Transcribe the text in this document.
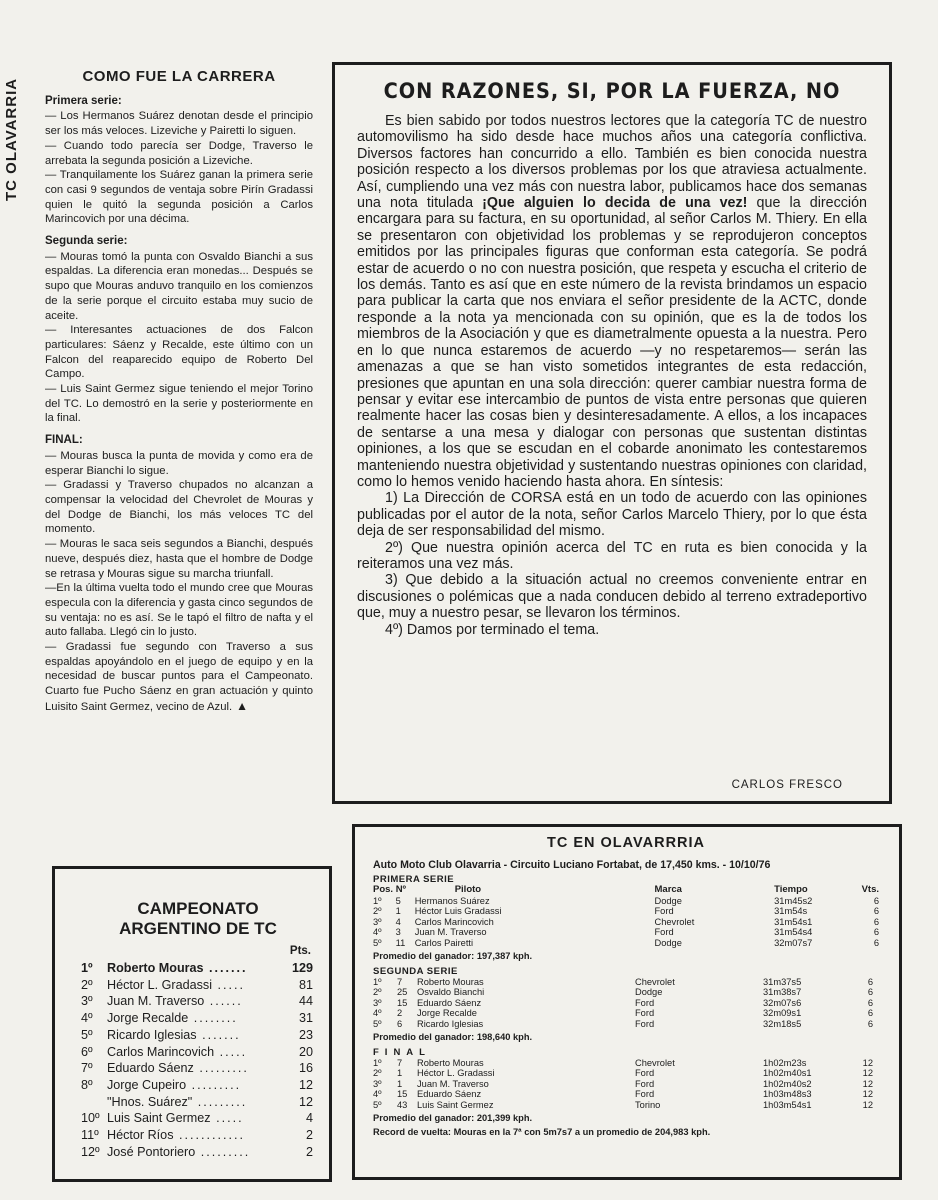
TC OLAVARRIA
COMO FUE LA CARRERA
Primera serie:

— Los Hermanos Suárez denotan desde el principio ser los más veloces. Lizeviche y Pairetti lo siguen.

— Cuando todo parecía ser Dodge, Traverso le arrebata la segunda posición a Lizeviche.

— Tranquilamente los Suárez ganan la primera serie con casi 9 segundos de ventaja sobre Pirín Gradassi quien le quitó la segunda posición a Carlos Marincovich por una décima.

Segunda serie:

— Mouras tomó la punta con Osvaldo Bianchi a sus espaldas. La diferencia eran monedas... Después se supo que Mouras anduvo tranquilo en los comienzos de la serie porque el circuito estaba muy sucio de aceite.

— Interesantes actuaciones de dos Falcon particulares: Sáenz y Recalde, este último con un Falcon del reaparecido equipo de Roberto Del Campo.

— Luis Saint Germez sigue teniendo el mejor Torino del TC. Lo demostró en la serie y posteriormente en la final.

FINAL:

— Mouras busca la punta de movida y como era de esperar Bianchi lo sigue.

— Gradassi y Traverso chupados no alcanzan a compensar la velocidad del Chevrolet de Mouras y del Dodge de Bianchi, los más veloces TC del momento.

— Mouras le saca seis segundos a Bianchi, después nueve, después diez, hasta que el hombre de Dodge se retrasa y Mouras sigue su marcha triunfall.

—En la última vuelta todo el mundo cree que Mouras especula con la diferencia y gasta cinco segundos de su ventaja: no es así. Se le tapó el filtro de nafta y el auto fallaba. Llegó cin lo justo.

— Gradassi fue segundo con Traverso a sus espaldas apoyándolo en el juego de equipo y en la necesidad de buscar puntos para el Campeonato. Cuarto fue Pucho Sáenz en gran actuación y quinto Luisito Saint Germez, vecino de Azul. ▲

CON RAZONES, SI, POR LA FUERZA, NO

Es bien sabido por todos nuestros lectores que la categoría TC de nuestro automovilismo ha sido desde hace muchos años una categoría conflictiva. Diversos factores han concurrido a ello. También es bien conocida nuestra posición respecto a los diversos problemas por los que atraviesa actualmente. Así, cumpliendo una vez más con nuestra labor, publicamos hace dos semanas una nota titulada ¡Que alguien lo decida de una vez! que la dirección encargara para su factura, en su oportunidad, al señor Carlos M. Thiery. En ella se presentaron con objetividad los problemas y se reprodujeron conceptos emitidos por las principales figuras que conforman esta categoría. Se podrá estar de acuerdo o no con nuestra posición, que respeta y escucha el criterio de los demás. Tanto es así que en este número de la revista brindamos un espacio para publicar la carta que nos enviara el señor presidente de la ACTC, donde responde a la nota ya mencionada con su opinión, que es la de todos los miembros de la Asociación y que es diametralmente opuesta a la nuestra. Pero en lo que nunca estaremos de acuerdo —y no respetaremos— serán las amenazas a que se han visto sometidos integrantes de esta redacción, presiones que apuntan en una sola dirección: querer cambiar nuestra forma de pensar y evitar ese intercambio de puntos de vista entre personas que quieren realmente hacer las cosas bien y desinteresadamente. A ellos, a los incapaces de sentarse a una mesa y dialogar con personas que sustentan distintas opiniones, a los que se escudan en el cobarde anonimato les contestaremos manteniendo nuestra objetividad y sustentando nuestras opiniones con claridad, como lo hemos venido haciendo hasta ahora. En síntesis:

1) La Dirección de CORSA está en un todo de acuerdo con las opiniones publicadas por el autor de la nota, señor Carlos Marcelo Thiery, por lo que ésta deja de ser responsabilidad del mismo.

2º) Que nuestra opinión acerca del TC en ruta es bien conocida y la reiteramos una vez más.

3) Que debido a la situación actual no creemos conveniente entrar en discusiones o polémicas que a nada conducen debido al terreno extradeportivo que, muy a nuestro pesar, se llevaron los términos.

4º) Damos por terminado el tema.

CARLOS FRESCO
CAMPEONATO
ARGENTINO DE TC
Pts.
1º	Roberto Mouras .......	129
2º	Héctor L. Gradassi .....	81
3º	Juan M. Traverso ......	44
4º	Jorge Recalde ........	31
5º	Ricardo Iglesias .......	23
6º	Carlos Marincovich .....	20
7º	Eduardo Sáenz .........	16
8º	Jorge Cupeiro .........	12
"Hnos. Suárez" .........	12
10º Luis Saint Germez .....	4
11º Héctor Ríos ............	2
12º José Pontoriero .........	2
TC EN OLAVARRRIA
Auto Moto Club Olavarria - Circuito Luciano Fortabat, de 17,450 kms. - 10/10/76
PRIMERA SERIE
Pos. Nº		Piloto	Marca	Tiempo	Vts.
1º	5	Hermanos Suárez	Dodge	31m45s2	6
2º	1	Héctor Luis Gradassi	Ford	31m54s	6
3º	4	Carlos Marincovich	Chevrolet	31m54s1	6
4º	3	Juan M. Traverso	Ford	31m54s4	6
5º	11	Carlos Pairetti	Dodge	32m07s7	6
Promedio del ganador: 197,387 kph.
SEGUNDA SERIE
1º	7	Roberto Mouras	Chevrolet	31m37s5	6
2º	25	Osvaldo Bianchi	Dodge	31m38s7	6
3º	15	Eduardo Sáenz	Ford	32m07s6	6
4º	2	Jorge Recalde	Ford	32m09s1	6
5º	6	Ricardo Iglesias	Ford	32m18s5	6
Promedio del ganador: 198,640 kph.
FINAL
1º	7	Roberto Mouras	Chevrolet	1h02m23s	12
2º	1	Héctor L. Gradassi	Ford	1h02m40s1	12
3º	1	Juan M. Traverso	Ford	1h02m40s2	12
4º	15	Eduardo Sáenz	Ford	1h03m48s3	12
5º	43	Luis Saint Germez	Torino	1h03m54s1	12
Promedio del ganador: 201,399 kph.
Record de vuelta: Mouras en la 7ª con 5m7s7 a un promedio de 204,983 kph.
